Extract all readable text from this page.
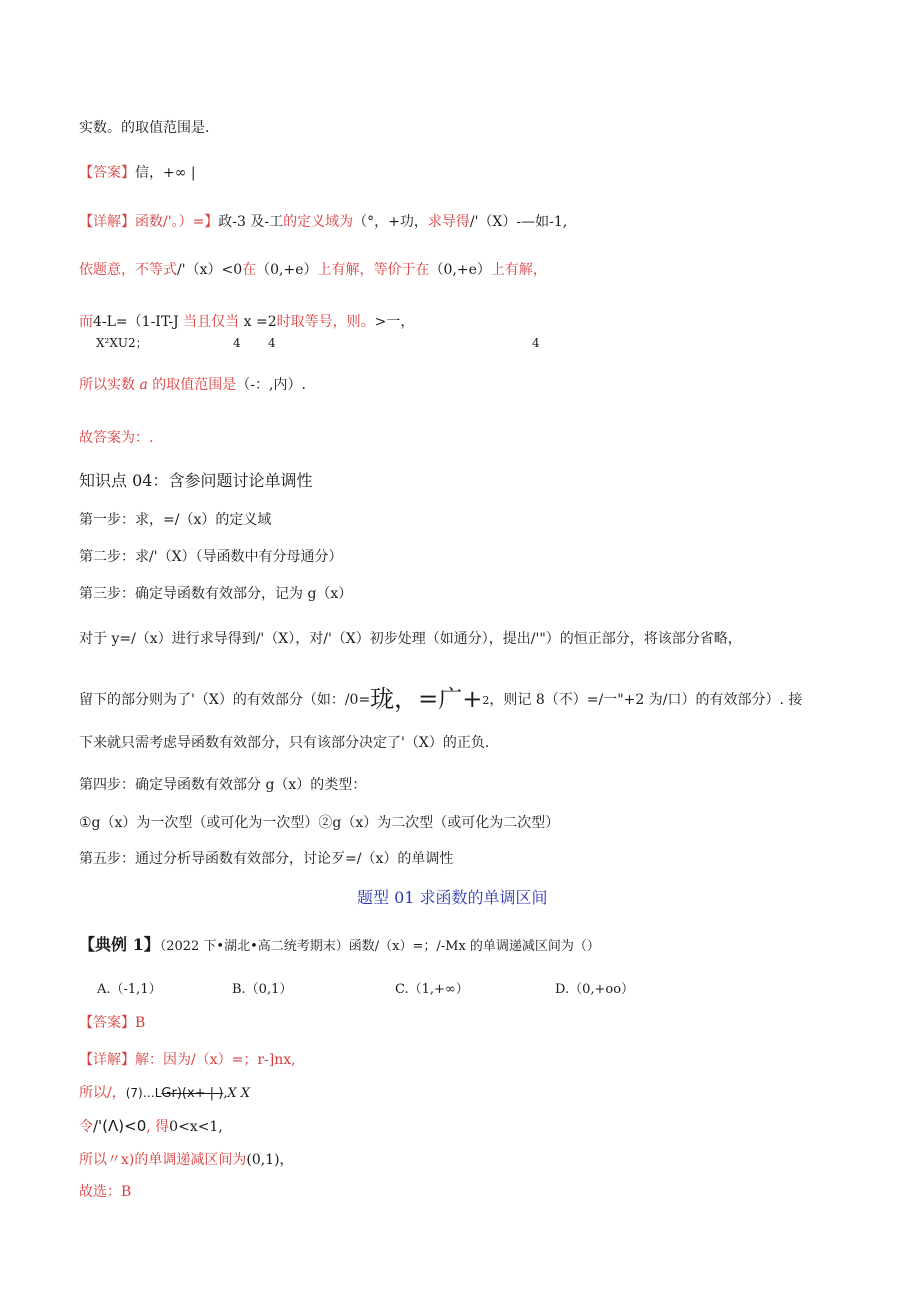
实数。的取值范围是.

【答案】信，+∞ |

【详解】函数/'。）=】政-3 及-工的定义域为（°，+功，求导得/'（X）-—如-1,

依题意，不等式/'（x）<0在（0,+e）上有解，等价于在（0,+e）上有解，

而4-L=（1-IT-J 当且仅当 x =2时取等号，则。>一，

X²XU2；	4 4	4

所以实数 a 的取值范围是（-：,内）.

故答案为：.

知识点 04：含参问题讨论单调性

第一步：求，=/（x）的定义域

第二步：求/'（X）（导函数中有分母通分）

第三步：确定导函数有效部分，记为 g（x）

对于 y=/（x）进行求导得到/'（X），对/'（X）初步处理（如通分），提出/'"）的恒正部分，将该部分省略，

留下的部分则为了'（X）的有效部分（如：/0=珑，=广+2，则记 8（不）=/一"+2 为/口）的有效部分）. 接

下来就只需考虑导函数有效部分，只有该部分决定了'（X）的正负.

第四步：确定导函数有效部分 g（x）的类型：

①g（x）为一次型（或可化为一次型）②g（x）为二次型（或可化为二次型）

第五步：通过分析导函数有效部分，讨论歹=/（x）的单调性

题型 01 求函数的单调区间

【典例 1】（2022 下•湖北•高二统考期末）函数/（x）=；/-Mx 的单调递减区间为（）

A.（-1,1）	B.（0,1）	C.（1,+∞）	D.（0,+oo）

【答案】B

【详解】解：因为/（x）=；r-]nx,

所以/，(7)…LGr)(x+ | ),X X

令/'(Λ)<0, 得0<x<1,

所以〃x)的单调递减区间为(0,1)，

故选：B
